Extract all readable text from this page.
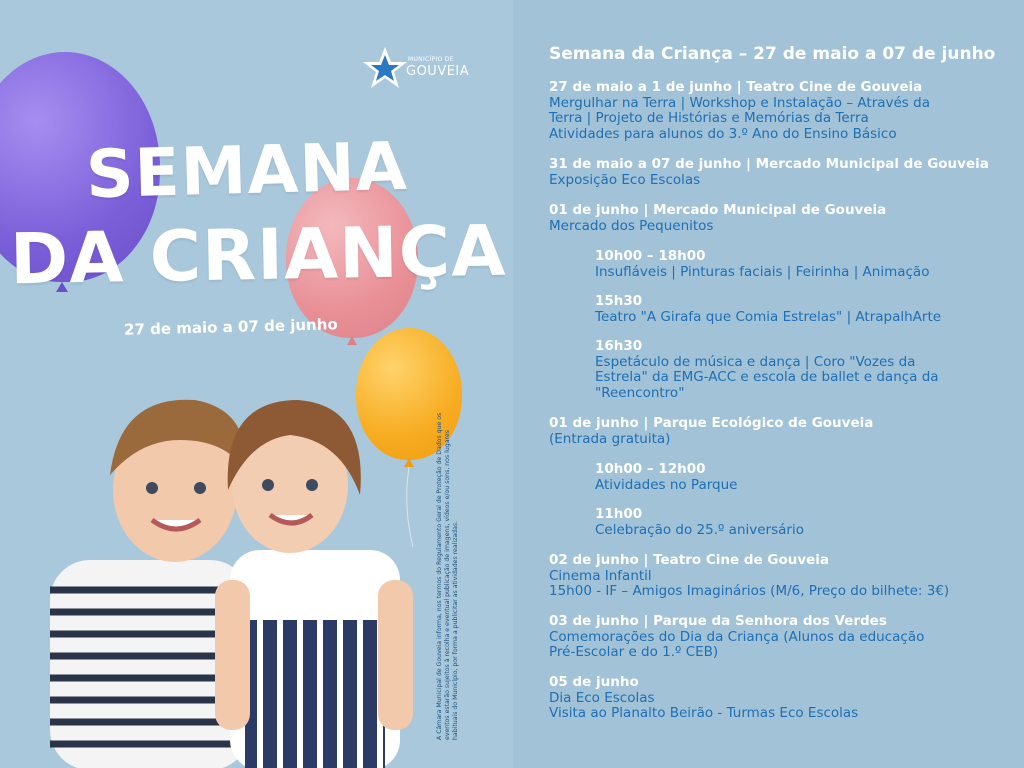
MUNICÍPIO DE
GOUVEIA
SEMANA
DA CRIANÇA
27 de maio a 07 de junho
A Câmara Municipal de Gouveia informa, nos termos do Regulamento Geral de Proteção de Dados que os eventos estarão sujeitos à recolha e eventual publicação de imagens, vídeos e/ou sons, nos lugares habituais do Município, por forma a publicitar as atividades realizadas.
Semana da Criança – 27 de maio a 07 de junho
27 de maio a 1 de junho | Teatro Cine de Gouveia
Mergulhar na Terra | Workshop e Instalação – Através da
Terra | Projeto de Histórias e Memórias da Terra
Atividades para alunos do 3.º Ano do Ensino Básico
31 de maio a 07 de junho | Mercado Municipal de Gouveia
Exposição Eco Escolas
01 de junho | Mercado Municipal de Gouveia
Mercado dos Pequenitos
10h00 – 18h00
Insufláveis | Pinturas faciais | Feirinha | Animação
15h30
Teatro "A Girafa que Comia Estrelas" | AtrapalhArte
16h30
Espetáculo de música e dança | Coro "Vozes da
Estrela" da EMG-ACC e escola de ballet e dança da
"Reencontro"
01 de junho | Parque Ecológico de Gouveia
(Entrada gratuita)
10h00 – 12h00
Atividades no Parque
11h00
Celebração do 25.º aniversário
02 de junho | Teatro Cine de Gouveia
Cinema Infantil
15h00 - IF – Amigos Imaginários (M/6, Preço do bilhete: 3€)
03 de junho | Parque da Senhora dos Verdes
Comemorações do Dia da Criança (Alunos da educação
Pré-Escolar e do 1.º CEB)
05 de junho
Dia Eco Escolas
Visita ao Planalto Beirão - Turmas Eco Escolas
